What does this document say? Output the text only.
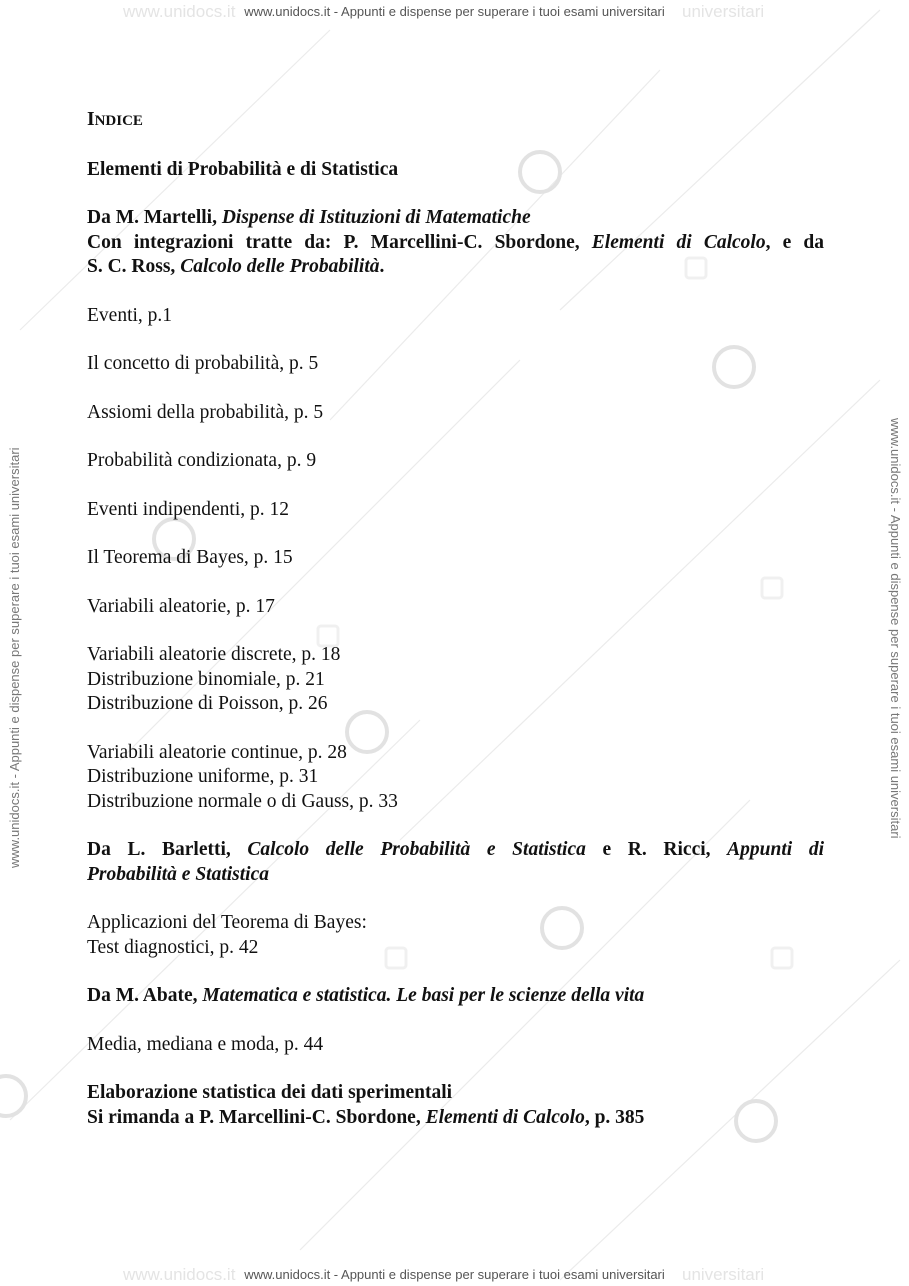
www.unidocs.it	universitari
www.unidocs.it	universitari
www.unidocs.it - Appunti e dispense per superare i tuoi esami universitari
www.unidocs.it - Appunti e dispense per superare i tuoi esami universitari
www.unidocs.it - Appunti e dispense per superare i tuoi esami universitari	www.unidocs.it - Appunti e dispense per superare i tuoi esami universitari

INDICE

Elementi di Probabilità e di Statistica

Da M. Martelli, Dispense di Istituzioni di Matematiche

Con integrazioni tratte da: P. Marcellini-C. Sbordone, Elementi di Calcolo, e da

S. C. Ross, Calcolo delle Probabilità.

Eventi, p.1

Il concetto di probabilità, p. 5

Assiomi della probabilità, p. 5

Probabilità condizionata, p. 9

Eventi indipendenti, p. 12

Il Teorema di Bayes, p. 15

Variabili aleatorie, p. 17

Variabili aleatorie discrete, p. 18

Distribuzione binomiale, p. 21

Distribuzione di Poisson, p. 26

Variabili aleatorie continue, p. 28

Distribuzione uniforme, p. 31

Distribuzione normale o di Gauss, p. 33

Da L. Barletti, Calcolo delle Probabilità e Statistica e R. Ricci, Appunti di

Probabilità e Statistica

Applicazioni del Teorema di Bayes:

Test diagnostici, p. 42

Da M. Abate, Matematica e statistica. Le basi per le scienze della vita

Media, mediana e moda, p. 44

Elaborazione statistica dei dati sperimentali

Si rimanda a P. Marcellini-C. Sbordone, Elementi di Calcolo, p. 385
